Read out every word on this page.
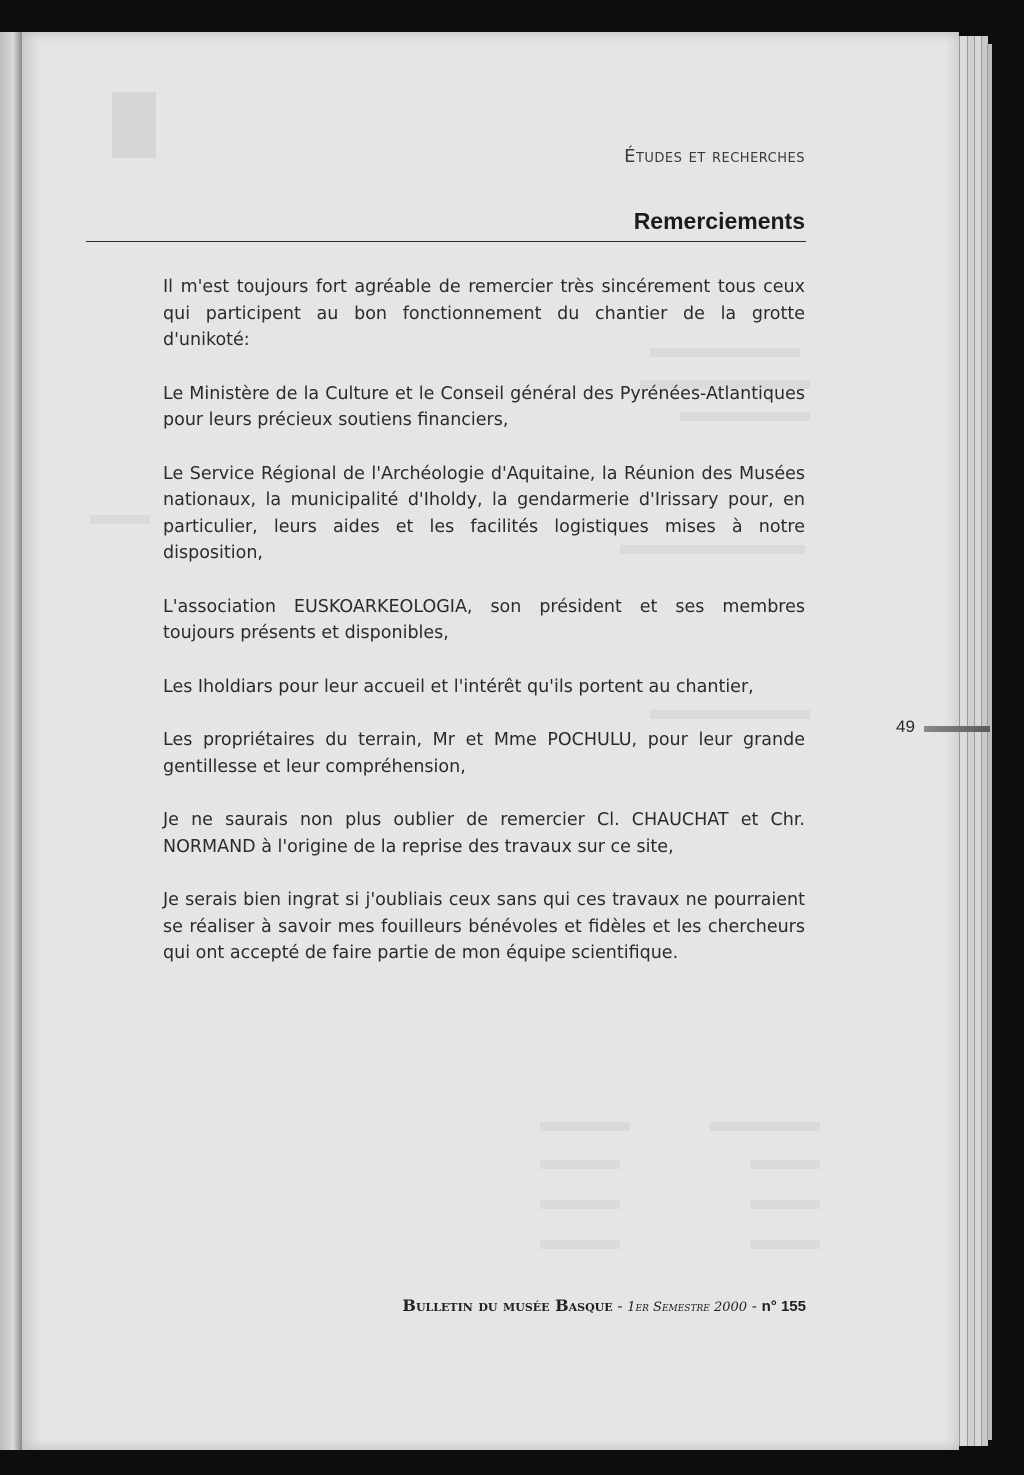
Études et recherches
Remerciements

Il m'est toujours fort agréable de remercier très sincérement tous ceux qui participent au bon fonctionnement du chantier de la grotte d'unikoté:

Le Ministère de la Culture et le Conseil général des Pyrénées-Atlantiques pour leurs précieux soutiens financiers,

Le Service Régional de l'Archéologie d'Aquitaine, la Réunion des Musées nationaux, la municipalité d'Iholdy, la gendarmerie d'Irissary pour, en particulier, leurs aides et les facilités logistiques mises à notre disposition,

L'association EUSKOARKEOLOGIA, son président et ses membres toujours présents et disponibles,

Les Iholdiars pour leur accueil et l'intérêt qu'ils portent au chantier,

Les propriétaires du terrain, Mr et Mme POCHULU, pour leur grande gentillesse et leur compréhension,

Je ne saurais non plus oublier de remercier Cl. CHAUCHAT et Chr. NORMAND à l'origine de la reprise des travaux sur ce site,

Je serais bien ingrat si j'oubliais ceux sans qui ces travaux ne pourraient se réaliser à savoir mes fouilleurs bénévoles et fidèles et les chercheurs qui ont accepté de faire partie de mon équipe scientifique.

49
Bulletin du musée Basque - 1er Semestre 2000 - n° 155
